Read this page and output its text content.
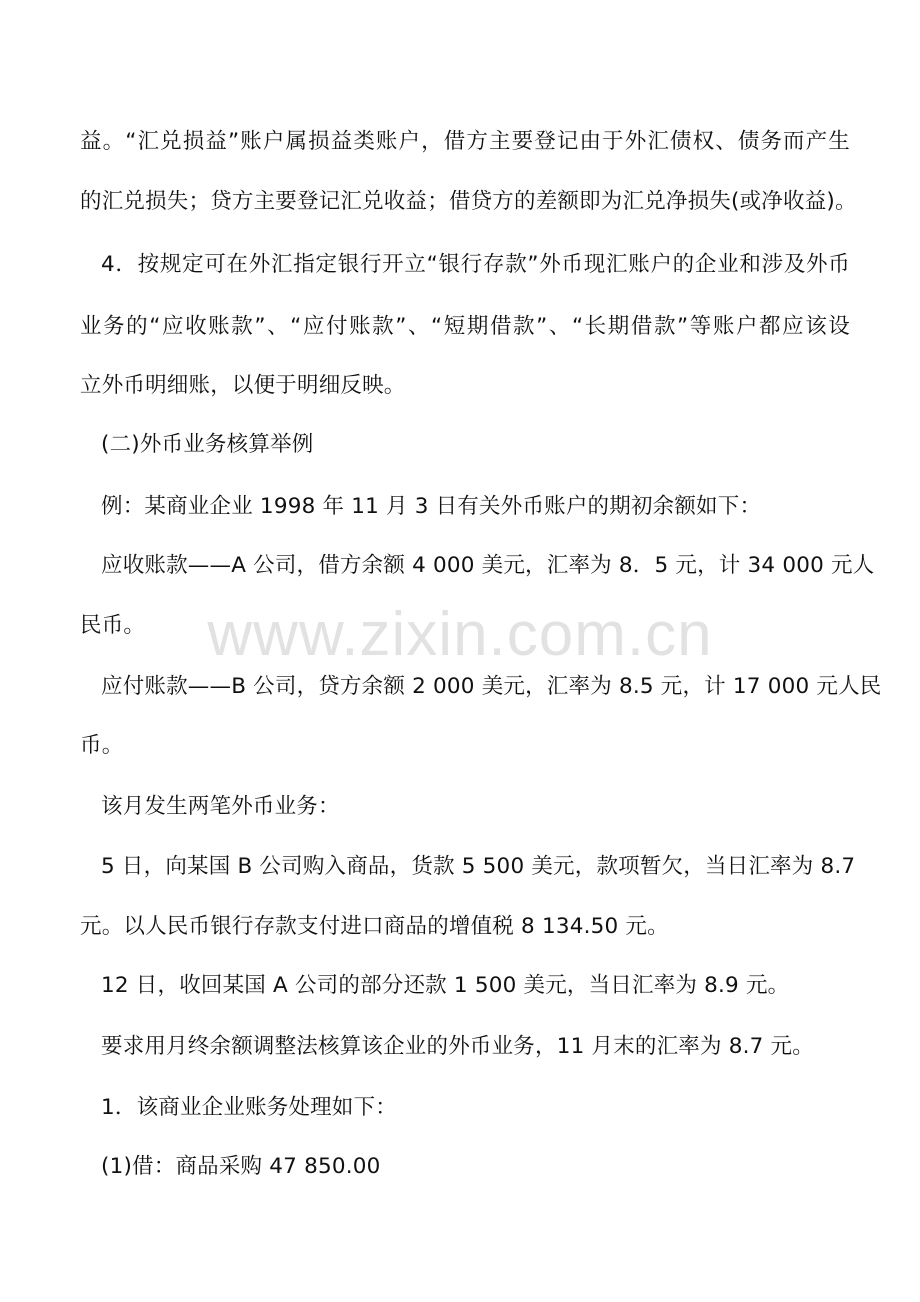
www.zixin.com.cn
益。“汇兑损益”账户属损益类账户，借方主要登记由于外汇债权、债务而产生
的汇兑损失；贷方主要登记汇兑收益；借贷方的差额即为汇兑净损失(或净收益)。
4．按规定可在外汇指定银行开立“银行存款”外币现汇账户的企业和涉及外币
业务的“应收账款”、“应付账款”、“短期借款”、“长期借款”等账户都应该设
立外币明细账，以便于明细反映。
(二)外币业务核算举例
例：某商业企业 1998 年 11 月 3 日有关外币账户的期初余额如下：
应收账款——A 公司，借方余额 4 000 美元，汇率为 8．5 元，计 34 000 元人
民币。
应付账款——B 公司，贷方余额 2 000 美元，汇率为 8.5 元，计 17 000 元人民
币。
该月发生两笔外币业务：
5 日，向某国 B 公司购入商品，货款 5 500 美元，款项暂欠，当日汇率为 8.7
元。以人民币银行存款支付进口商品的增值税 8 134.50 元。
12 日，收回某国 A 公司的部分还款 1 500 美元，当日汇率为 8.9 元。
要求用月终余额调整法核算该企业的外币业务，11 月末的汇率为 8.7 元。
1．该商业企业账务处理如下：
(1)借：商品采购 47 850.00
